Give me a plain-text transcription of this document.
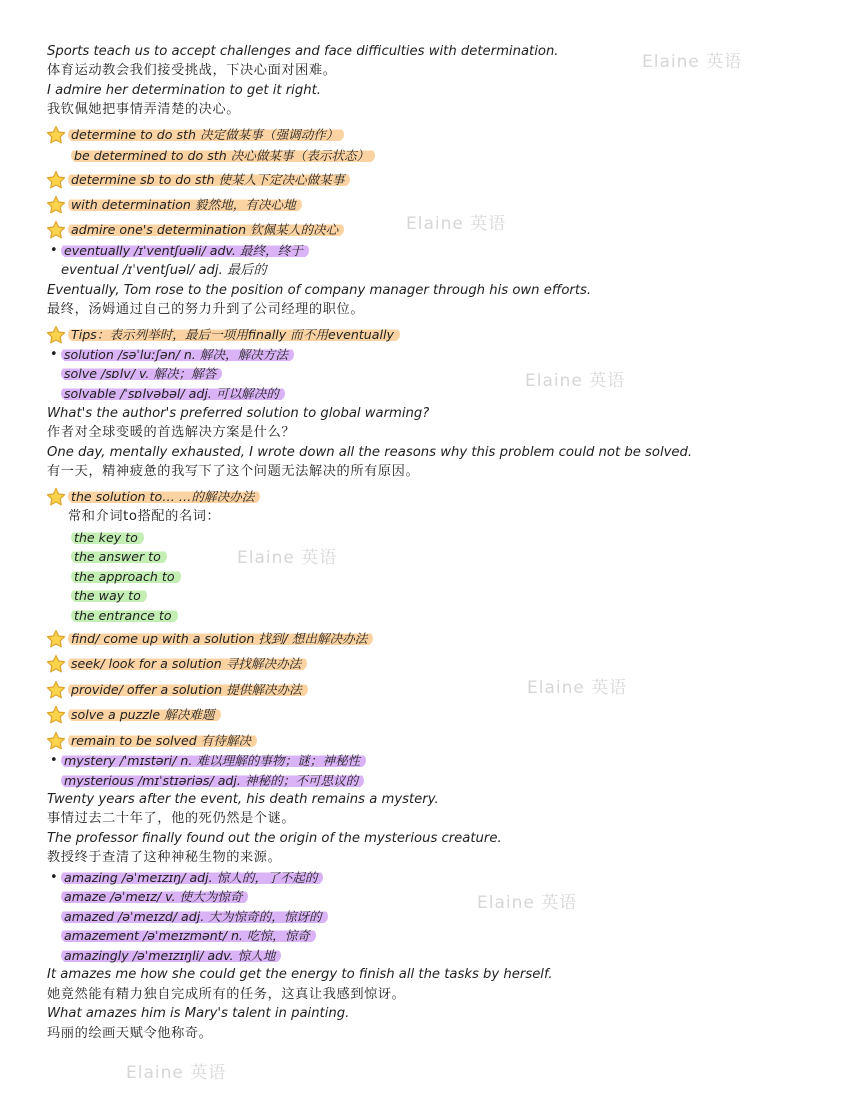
Elaine 英语
Elaine 英语
Elaine 英语
Elaine 英语
Elaine 英语
Elaine 英语
Elaine 英语
Sports teach us to accept challenges and face difficulties with determination.
体育运动教会我们接受挑战，下决心面对困难。
I admire her determination to get it right.
我钦佩她把事情弄清楚的决心。
determine to do sth 决定做某事（强调动作）
be determined to do sth 决心做某事（表示状态）
determine sb to do sth 使某人下定决心做某事
with determination 毅然地，有决心地
admire one's determination 钦佩某人的决心
• eventually /ɪˈventʃuəli/ adv. 最终，终于
eventual /ɪˈventʃuəl/ adj. 最后的
Eventually, Tom rose to the position of company manager through his own efforts.
最终，汤姆通过自己的努力升到了公司经理的职位。
Tips：表示列举时，最后一项用finally 而不用eventually
• solution /səˈluːʃən/ n. 解决，解决方法
solve /sɒlv/ v. 解决；解答
solvable /ˈsɒlvəbəl/ adj. 可以解决的
What's the author's preferred solution to global warming?
作者对全球变暖的首选解决方案是什么？
One day, mentally exhausted, I wrote down all the reasons why this problem could not be solved.
有一天，精神疲惫的我写下了这个问题无法解决的所有原因。
the solution to… …的解决办法
常和介词to搭配的名词：
the key to
the answer to
the approach to
the way to
the entrance to
find/ come up with a solution 找到/ 想出解决办法
seek/ look for a solution 寻找解决办法
provide/ offer a solution 提供解决办法
solve a puzzle 解决难题
remain to be solved 有待解决
• mystery /ˈmɪstəri/ n. 难以理解的事物；谜；神秘性
mysterious /mɪˈstɪəriəs/ adj. 神秘的；不可思议的
Twenty years after the event, his death remains a mystery.
事情过去二十年了，他的死仍然是个谜。
The professor finally found out the origin of the mysterious creature.
教授终于查清了这种神秘生物的来源。
• amazing /əˈmeɪzɪŋ/ adj. 惊人的，了不起的
amaze /əˈmeɪz/ v. 使大为惊奇
amazed /əˈmeɪzd/ adj. 大为惊奇的，惊讶的
amazement /əˈmeɪzmənt/ n. 吃惊，惊奇
amazingly /əˈmeɪzɪŋli/ adv. 惊人地
It amazes me how she could get the energy to finish all the tasks by herself.
她竟然能有精力独自完成所有的任务，这真让我感到惊讶。
What amazes him is Mary's talent in painting.
玛丽的绘画天赋令他称奇。
